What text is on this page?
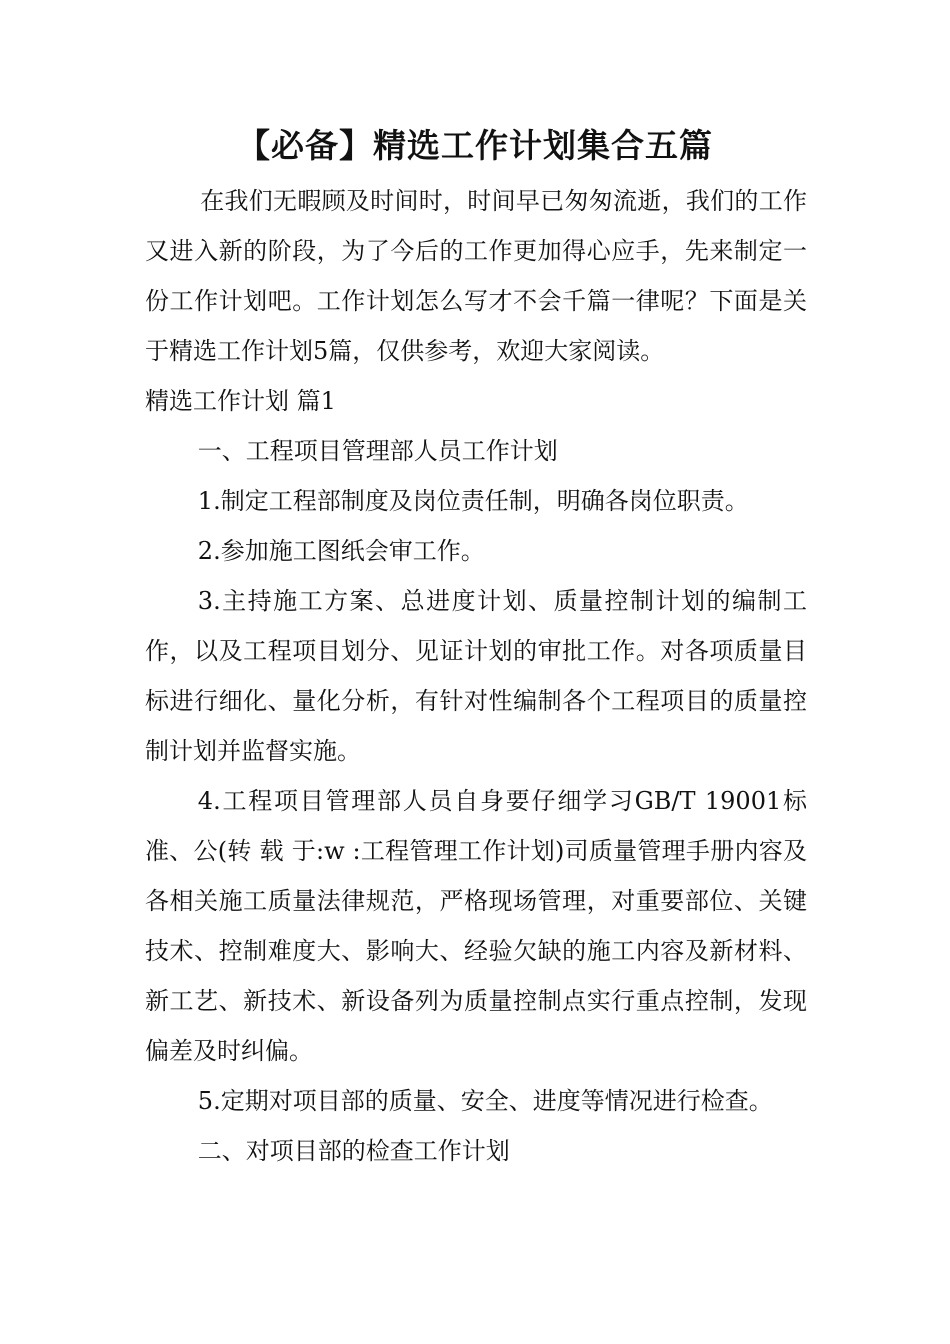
【必备】精选工作计划集合五篇

在我们无暇顾及时间时，时间早已匆匆流逝，我们的工作又进入新的阶段，为了今后的工作更加得心应手，先来制定一份工作计划吧。工作计划怎么写才不会千篇一律呢？下面是关于精选工作计划5篇，仅供参考，欢迎大家阅读。

精选工作计划 篇1

一、工程项目管理部人员工作计划

1.制定工程部制度及岗位责任制，明确各岗位职责。

2.参加施工图纸会审工作。

3.主持施工方案、总进度计划、质量控制计划的编制工作，以及工程项目划分、见证计划的审批工作。对各项质量目标进行细化、量化分析，有针对性编制各个工程项目的质量控制计划并监督实施。

4.工程项目管理部人员自身要仔细学习GB/T 19001标准、公(转 载 于:w :工程管理工作计划)司质量管理手册内容及各相关施工质量法律规范，严格现场管理，对重要部位、关键技术、控制难度大、影响大、经验欠缺的施工内容及新材料、新工艺、新技术、新设备列为质量控制点实行重点控制，发现偏差及时纠偏。

5.定期对项目部的质量、安全、进度等情况进行检查。

二、对项目部的检查工作计划
